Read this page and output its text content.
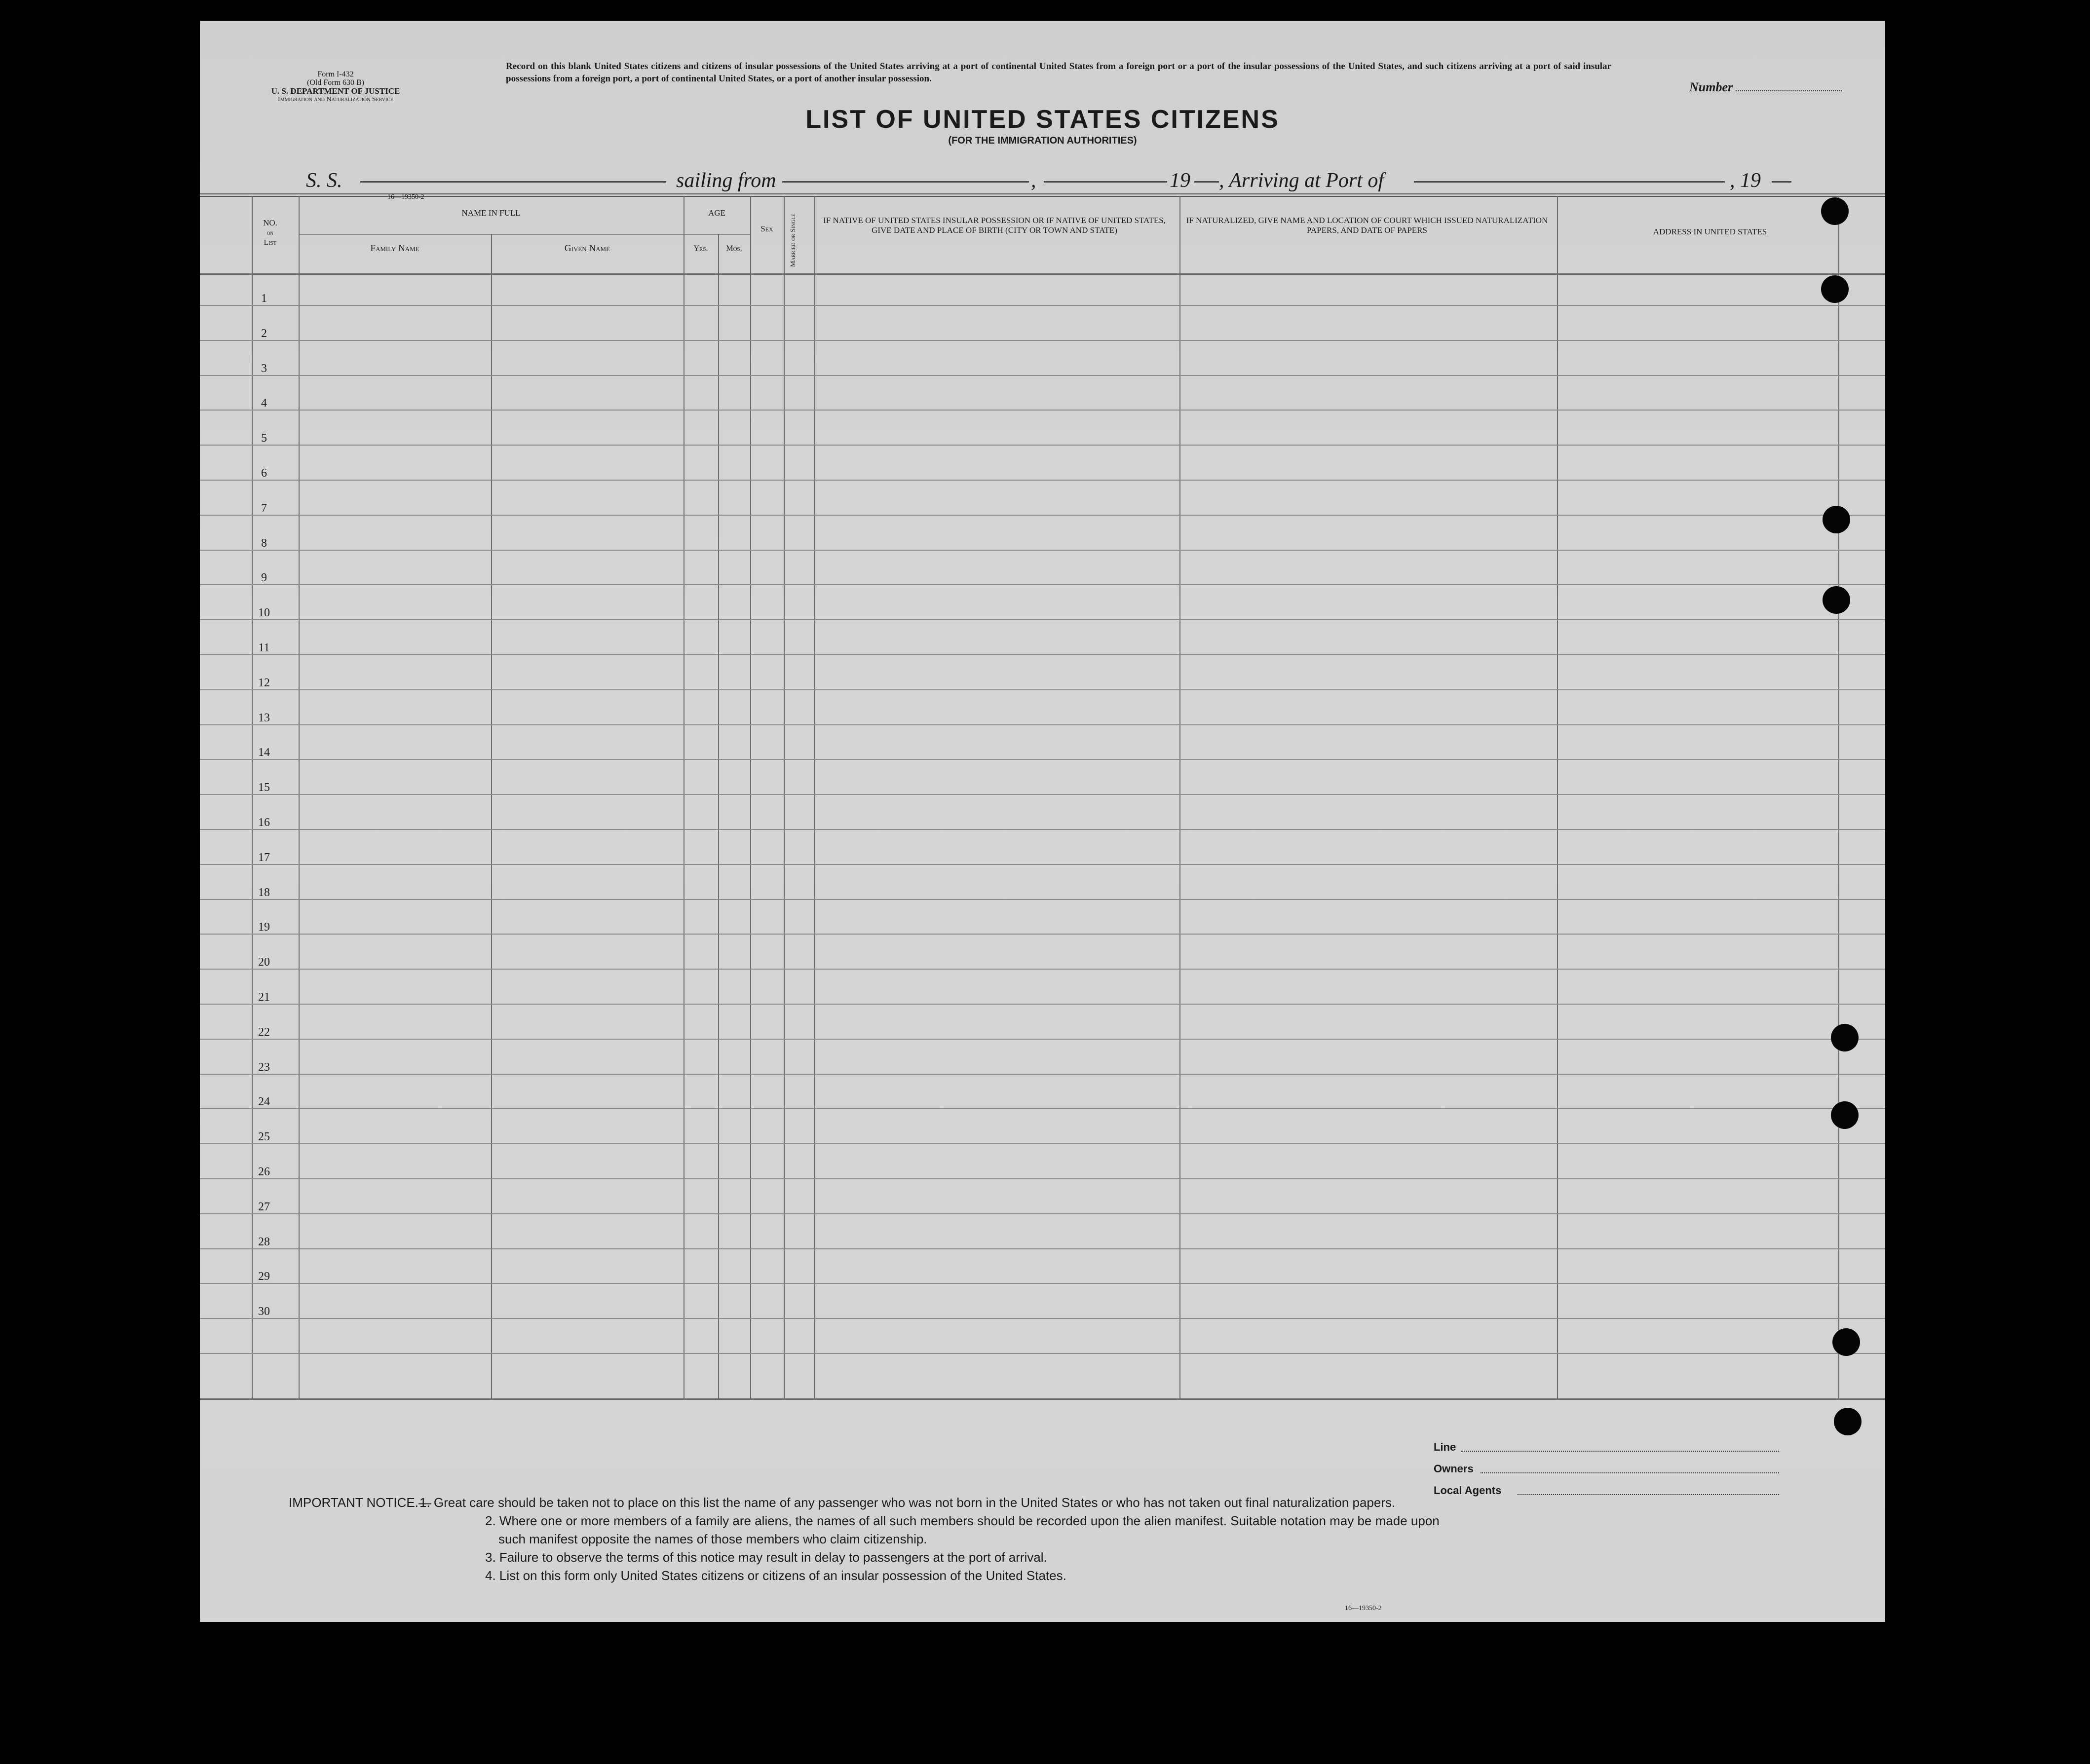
Form I-432
(Old Form 630 B)
U. S. DEPARTMENT OF JUSTICE
Immigration and Naturalization Service
Record on this blank United States citizens and citizens of insular possessions of the United States arriving at a port of continental United States from a foreign port or a port of the insular possessions of the United States, and such citizens arriving at a port of said insular possessions from a foreign port, a port of continental United States, or a port of another insular possession.
Number
LIST OF UNITED STATES CITIZENS
(FOR THE IMMIGRATION AUTHORITIES)
S. S.	sailing from	,	19 , Arriving at Port of	, 19
16—19350-2
NO.
on
List
NAME IN FULL
Family Name	Given Name
AGE
Yrs.	Mos.
Sex	Married or Single	IF NATIVE OF UNITED STATES INSULAR POSSESSION OR IF NATIVE OF UNITED STATES, GIVE DATE AND PLACE OF BIRTH (CITY OR TOWN AND STATE)
IF NATURALIZED, GIVE NAME AND LOCATION OF COURT WHICH ISSUED NATURALIZATION PAPERS, AND DATE OF PAPERS	ADDRESS IN UNITED STATES
1
2
3
4
5
6
7
8
9
10
11
12
13
14
15
16
17
18
19
20
21
22
23
24
25
26
27
28
29
30
Line
Owners
Local Agents
IMPORTANT NOTICE.—
1. Great care should be taken not to place on this list the name of any passenger who was not born in the United States or who has not taken out final naturalization papers.
2. Where one or more members of a family are aliens, the names of all such members should be recorded upon the alien manifest. Suitable notation may be made upon
such manifest opposite the names of those members who claim citizenship.
3. Failure to observe the terms of this notice may result in delay to passengers at the port of arrival.
4. List on this form only United States citizens or citizens of an insular possession of the United States.
16—19350-2
